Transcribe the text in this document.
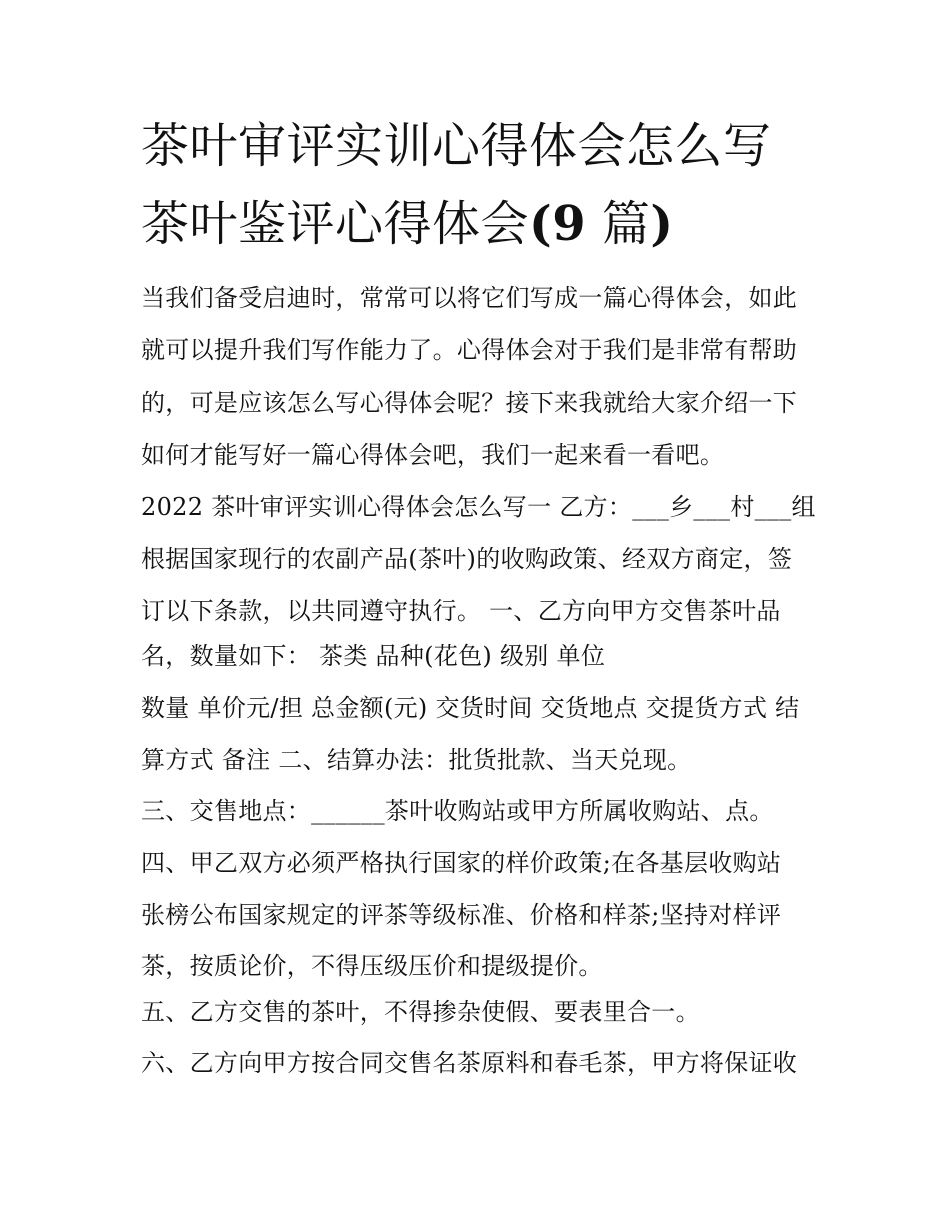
茶叶审评实训心得体会怎么写
茶叶鉴评心得体会(9 篇)
当我们备受启迪时，常常可以将它们写成一篇心得体会，如此
就可以提升我们写作能力了。心得体会对于我们是非常有帮助
的，可是应该怎么写心得体会呢？接下来我就给大家介绍一下
如何才能写好一篇心得体会吧，我们一起来看一看吧。
2022 茶叶审评实训心得体会怎么写一 乙方：___乡___村___组
根据国家现行的农副产品(茶叶)的收购政策、经双方商定，签
订以下条款，以共同遵守执行。 一、乙方向甲方交售茶叶品
名，数量如下： 茶类 品种(花色) 级别 单位
数量 单价元/担 总金额(元) 交货时间 交货地点 交提货方式 结
算方式 备注 二、结算办法：批货批款、当天兑现。
三、交售地点：______茶叶收购站或甲方所属收购站、点。
四、甲乙双方必须严格执行国家的样价政策;在各基层收购站
张榜公布国家规定的评茶等级标准、价格和样茶;坚持对样评
茶，按质论价，不得压级压价和提级提价。
五、乙方交售的茶叶，不得掺杂使假、要表里合一。
六、乙方向甲方按合同交售名茶原料和春毛茶，甲方将保证收
